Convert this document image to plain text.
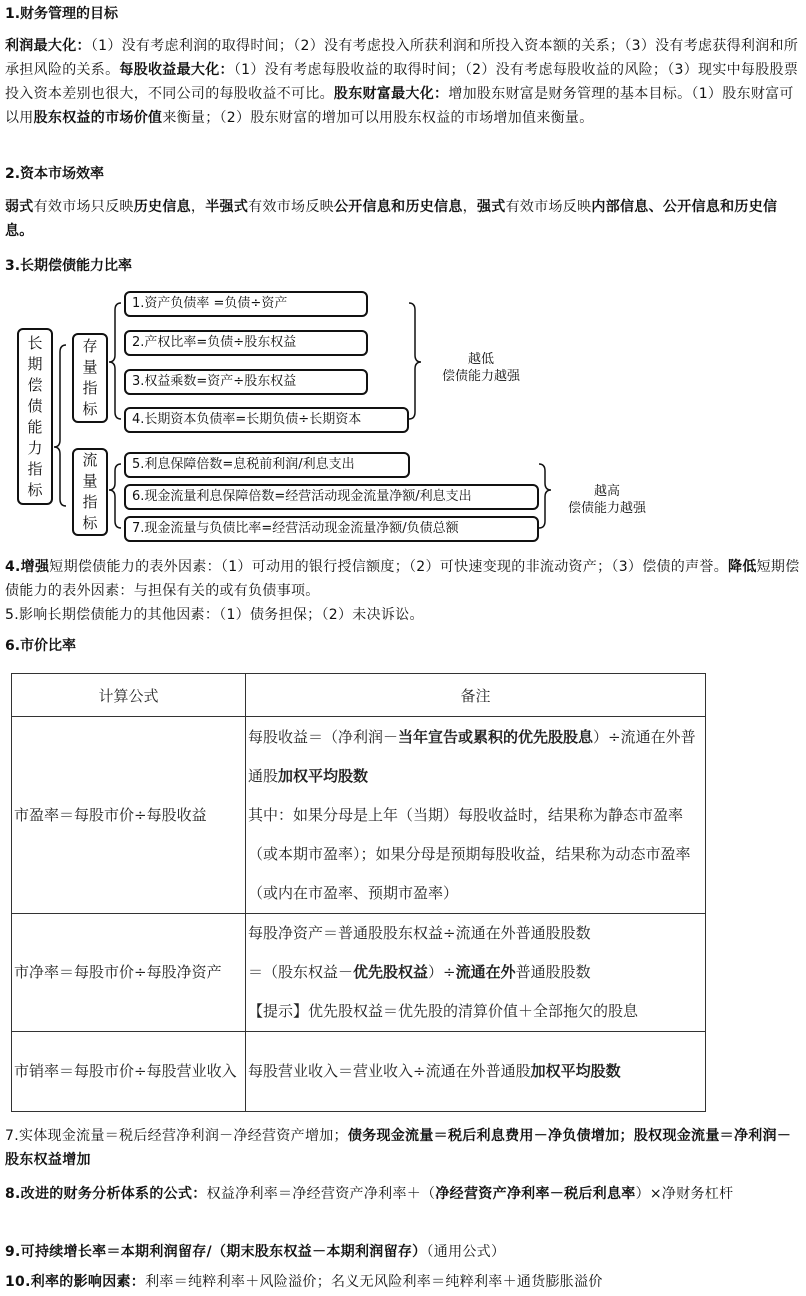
1.财务管理的目标
利润最大化：（1）没有考虑利润的取得时间；（2）没有考虑投入所获利润和所投入资本额的关系；（3）没有考虑获得利润和所承担风险的关系。每股收益最大化：（1）没有考虑每股收益的取得时间；（2）没有考虑每股收益的风险；（3）现实中每股股票投入资本差别也很大，不同公司的每股收益不可比。股东财富最大化：增加股东财富是财务管理的基本目标。（1）股东财富可以用股东权益的市场价值来衡量；（2）股东财富的增加可以用股东权益的市场增加值来衡量。
2.资本市场效率
弱式有效市场只反映历史信息，半强式有效市场反映公开信息和历史信息，强式有效市场反映内部信息、公开信息和历史信息。
3.长期偿债能力比率
长
期
偿
债
能
力
指
标
存
量
指
标
流
量
指
标
1.资产负债率 =负债÷资产
2.产权比率=负债÷股东权益
3.权益乘数=资产÷股东权益
4.长期资本负债率=长期负债÷长期资本
5.利息保障倍数=息税前利润/利息支出
6.现金流量利息保障倍数=经营活动现金流量净额/利息支出
7.现金流量与负债比率=经营活动现金流量净额/负债总额
越低
偿债能力越强
越高
偿债能力越强
4.增强短期偿债能力的表外因素：（1）可动用的银行授信额度；（2）可快速变现的非流动资产；（3）偿债的声誉。降低短期偿债能力的表外因素：与担保有关的或有负债事项。
5.影响长期偿债能力的其他因素：（1）债务担保；（2）未决诉讼。
6.市价比率
计算公式	备注
市盈率＝每股市价÷每股收益	每股收益＝（净利润－当年宣告或累积的优先股股息）÷流通在外普通股加权平均股数
其中：如果分母是上年（当期）每股收益时，结果称为静态市盈率（或本期市盈率）；如果分母是预期每股收益，结果称为动态市盈率（或内在市盈率、预期市盈率）

市净率＝每股市价÷每股净资产	每股净资产＝普通股股东权益÷流通在外普通股股数
＝（股东权益－优先股权益）÷流通在外普通股股数
【提示】优先股权益＝优先股的清算价值＋全部拖欠的股息

市销率＝每股市价÷每股营业收入	每股营业收入＝营业收入÷流通在外普通股加权平均股数
7.实体现金流量＝税后经营净利润－净经营资产增加；债务现金流量＝税后利息费用－净负债增加；股权现金流量＝净利润－股东权益增加
8.改进的财务分析体系的公式：权益净利率＝净经营资产净利率＋（净经营资产净利率－税后利息率）×净财务杠杆
9.可持续增长率＝本期利润留存/（期末股东权益－本期利润留存）（通用公式）
10.利率的影响因素：利率＝纯粹利率＋风险溢价；名义无风险利率＝纯粹利率＋通货膨胀溢价
